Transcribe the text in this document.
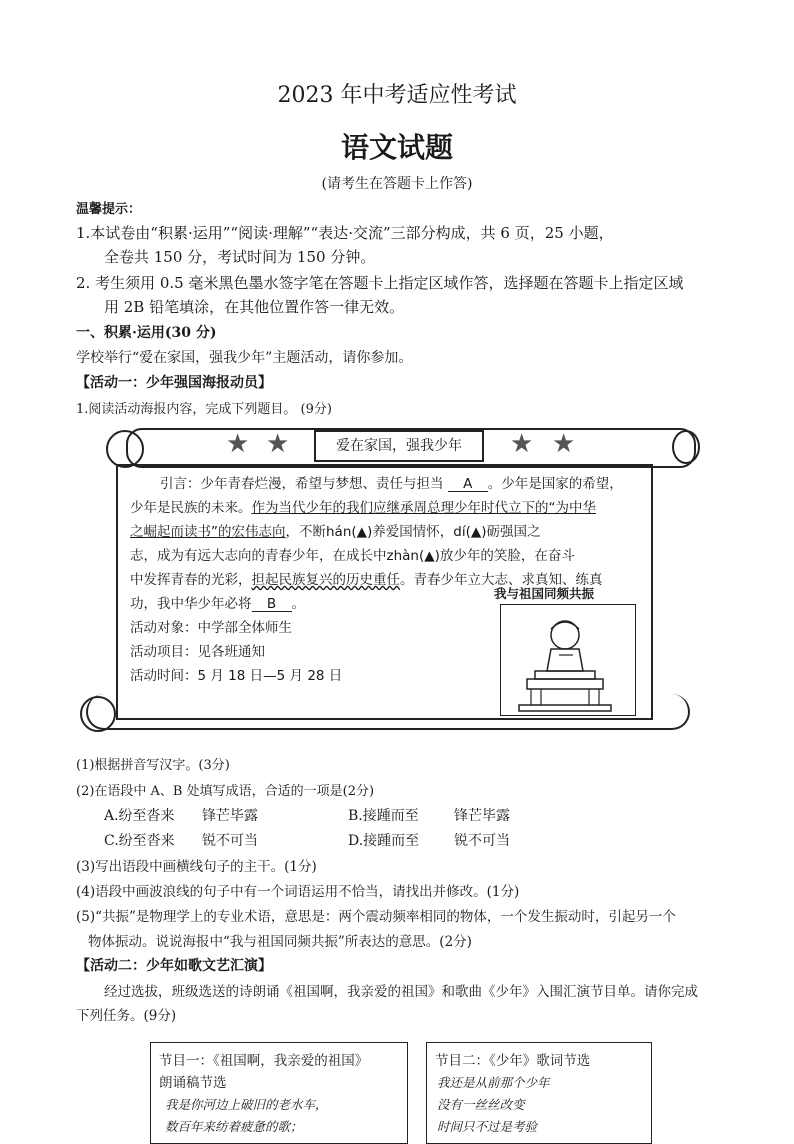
2023 年中考适应性考试
语文试题
(请考生在答题卡上作答)
温馨提示：
1.本试卷由“积累·运用”“阅读·理解”“表达·交流”三部分构成，共 6 页，25 小题，
全卷共 150 分，考试时间为 150 分钟。
2. 考生须用 0.5 毫米黑色墨水签字笔在答题卡上指定区域作答，选择题在答题卡上指定区域
用 2B 铅笔填涂，在其他位置作答一律无效。
一、积累·运用(30 分)
学校举行“爱在家国，强我少年”主题活动，请你参加。
【活动一：少年强国海报动员】
1.阅读活动海报内容，完成下列题目。 (9分)
★ ★	★ ★
爱在家国，强我少年
引言：少年青春烂漫，希望与梦想、责任与担当 A 。少年是国家的希望，
少年是民族的未来。作为当代少年的我们应继承周总理少年时代立下的“为中华
之崛起而读书”的宏伟志向，不断hán(▲)养爱国情怀，dí(▲)砺强国之
志，成为有远大志向的青春少年，在成长中zhàn(▲)放少年的笑脸，在奋斗
中发挥青春的光彩，担起民族复兴的历史重任。青春少年立大志、求真知、练真
功，我中华少年必将 B 。
活动对象：中学部全体师生
活动项目：见各班通知
活动时间：5 月 18 日—5 月 28 日
我与祖国同频共振
(1)根据拼音写汉字。(3分)
(2)在语段中 A、B 处填写成语，合适的一项是(2分)
A.纷至沓来 锋芒毕露	B.接踵而至	锋芒毕露
C.纷至沓来 锐不可当	D.接踵而至 锐不可当
(3)写出语段中画横线句子的主干。(1分)
(4)语段中画波浪线的句子中有一个词语运用不恰当，请找出并修改。(1分)
(5)“共振”是物理学上的专业术语，意思是：两个震动频率相同的物体，一个发生振动时，引起另一个
物体振动。说说海报中“我与祖国同频共振”所表达的意思。(2分)
【活动二：少年如歌文艺汇演】
经过选拔，班级选送的诗朗诵《祖国啊，我亲爱的祖国》和歌曲《少年》入围汇演节目单。请你完成
下列任务。(9分)
节目一：《祖国啊，我亲爱的祖国》
朗诵稿节选
我是你河边上破旧的老水车，
数百年来纺着疲惫的歌；
节目二：《少年》歌词节选
我还是从前那个少年
没有一丝丝改变
时间只不过是考验
